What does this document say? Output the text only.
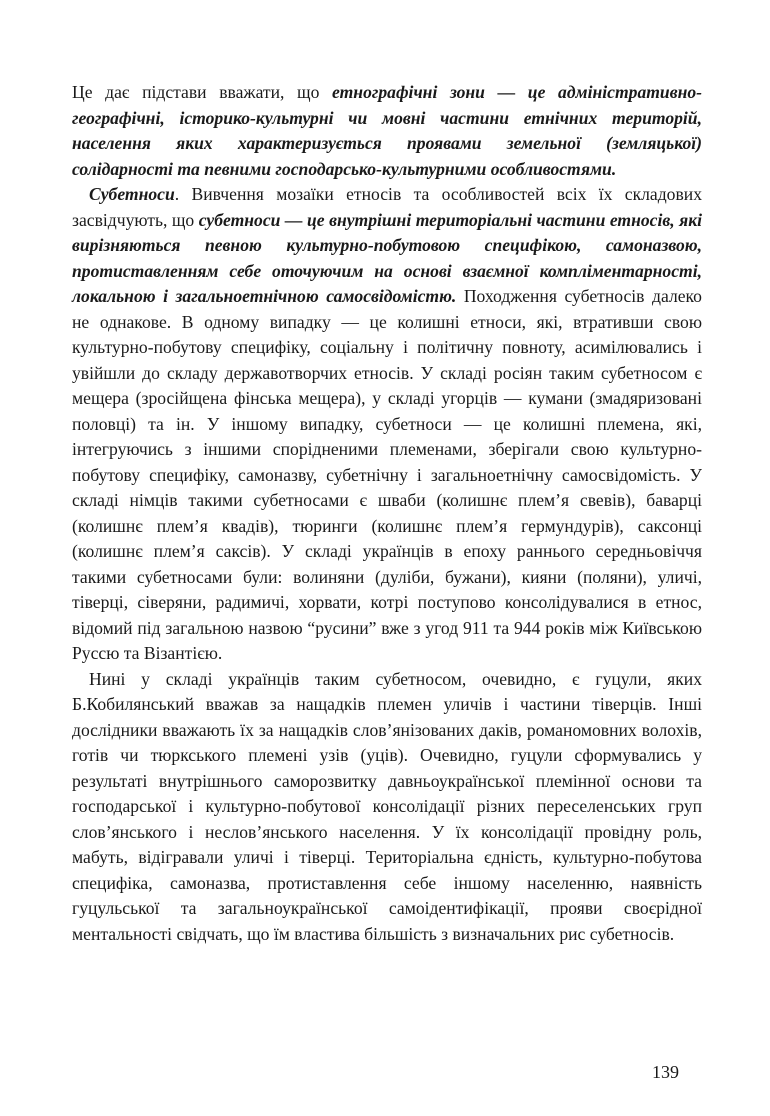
Це дає підстави вважати, що етнографічні зони — це адміністративно-географічні, історико-культурні чи мовні частини етнічних територій, населення яких характеризується проявами земельної (земляцької) солідарності та певними господарсько-культурними особливостями.

Субетноси. Вивчення мозаїки етносів та особливостей всіх їх складових засвідчують, що субетноси — це внутрішні територіальні частини етносів, які вирізняються певною культурно-побутовою специфікою, самоназвою, протиставленням себе оточуючим на основі взаємної компліментарності, локальною і загальноетнічною самосвідомістю. Походження субетносів далеко не однакове. В одному випадку — це колишні етноси, які, втративши свою культурно-побутову специфіку, соціальну і політичну повноту, асимілювались і увійшли до складу державотворчих етносів. У складі росіян таким субетносом є мещера (зросійщена фінська мещера), у складі угорців — кумани (змадяризовані половці) та ін. У іншому випадку, субетноси — це колишні племена, які, інтегруючись з іншими спорідненими племенами, зберігали свою культурно-побутову специфіку, самоназву, субетнічну і загальноетнічну самосвідомість. У складі німців такими субетносами є шваби (колишнє плем’я свевів), баварці (колишнє плем’я квадів), тюринги (колишнє плем’я гермундурів), саксонці (колишнє плем’я саксів). У складі українців в епоху раннього середньовіччя такими субетносами були: волиняни (дуліби, бужани), кияни (поляни), уличі, тіверці, сіверяни, радимичі, хорвати, котрі поступово консолідувалися в етнос, відомий під загальною назвою “русини” вже з угод 911 та 944 років між Київською Руссю та Візантією.

Нині у складі українців таким субетносом, очевидно, є гуцули, яких Б.Кобилянський вважав за нащадків племен уличів і частини тіверців. Інші дослідники вважають їх за нащадків слов’янізованих даків, романомовних волохів, готів чи тюркського племені узів (уців). Очевидно, гуцули сформувались у результаті внутрішнього саморозвитку давньоукраїнської племінної основи та господарської і культурно-побутової консолідації різних переселенських груп слов’янського і неслов’янського населення. У їх консолідації провідну роль, мабуть, відігравали уличі і тіверці. Територіальна єдність, культурно-побутова специфіка, самоназва, протиставлення себе іншому населенню, наявність гуцульської та загальноукраїнської самоідентифікації, прояви своєрідної ментальності свідчать, що їм властива більшість з визначальних рис субетносів.

139
